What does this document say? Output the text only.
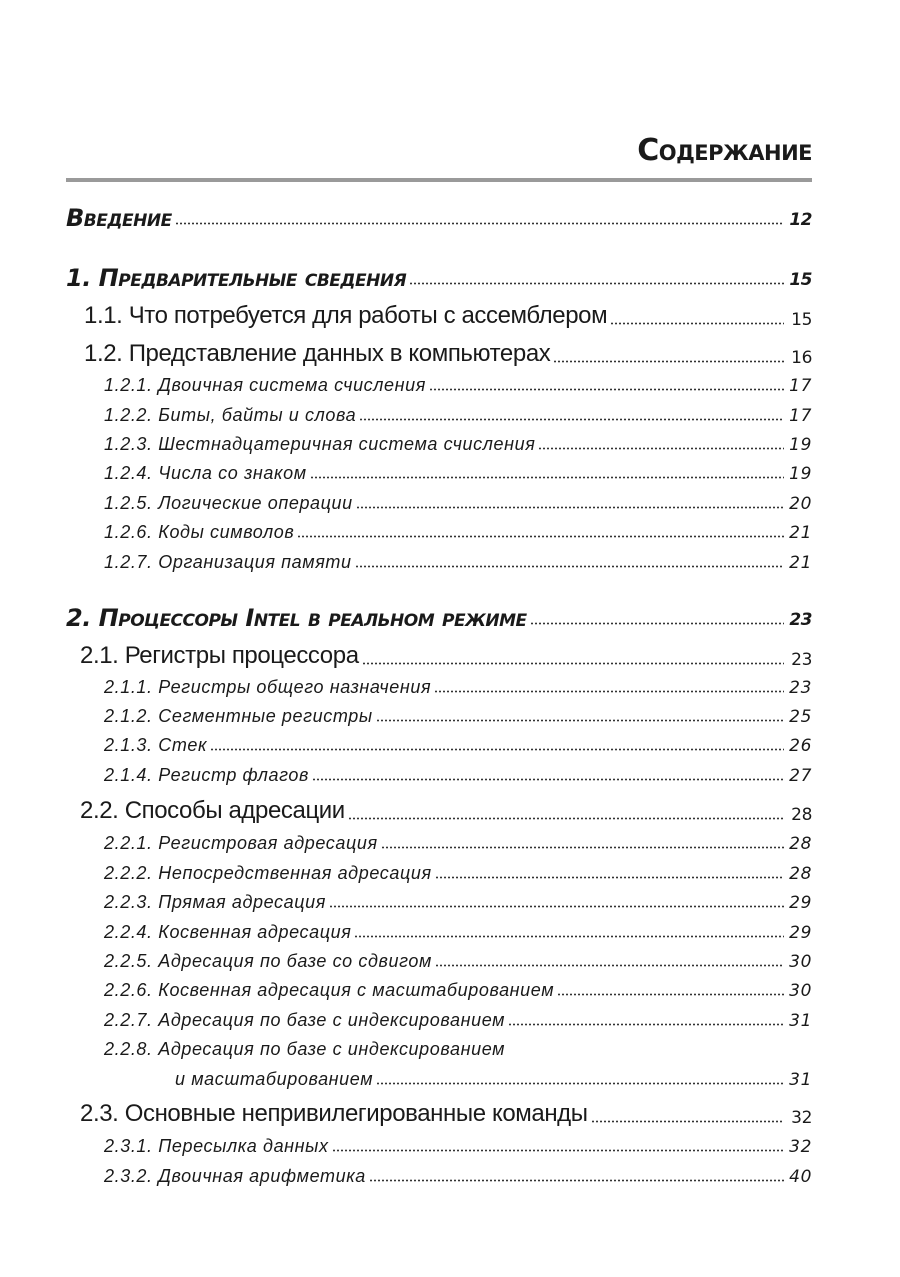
Содержание
Введение	12
1. Предварительные сведения	15
1.1. Что потребуется для работы с ассемблером	15
1.2. Представление данных в компьютерах	16
1.2.1. Двоичная система счисления	17
1.2.2. Биты, байты и слова	17
1.2.3. Шестнадцатеричная система счисления	19
1.2.4. Числа со знаком	19
1.2.5. Логические операции	20
1.2.6. Коды символов	21
1.2.7. Организация памяти	21
2. Процессоры Intel в реальном режиме	23
2.1. Регистры процессора	23
2.1.1. Регистры общего назначения	23
2.1.2. Сегментные регистры	25
2.1.3. Стек	26
2.1.4. Регистр флагов	27
2.2. Способы адресации	28
2.2.1. Регистровая адресация	28
2.2.2. Непосредственная адресация	28
2.2.3. Прямая адресация	29
2.2.4. Косвенная адресация	29
2.2.5. Адресация по базе со сдвигом	30
2.2.6. Косвенная адресация с масштабированием	30
2.2.7. Адресация по базе с индексированием	31
2.2.8. Адресация по базе с индексированием
и масштабированием	31
2.3. Основные непривилегированные команды	32
2.3.1. Пересылка данных	32
2.3.2. Двоичная арифметика	40
